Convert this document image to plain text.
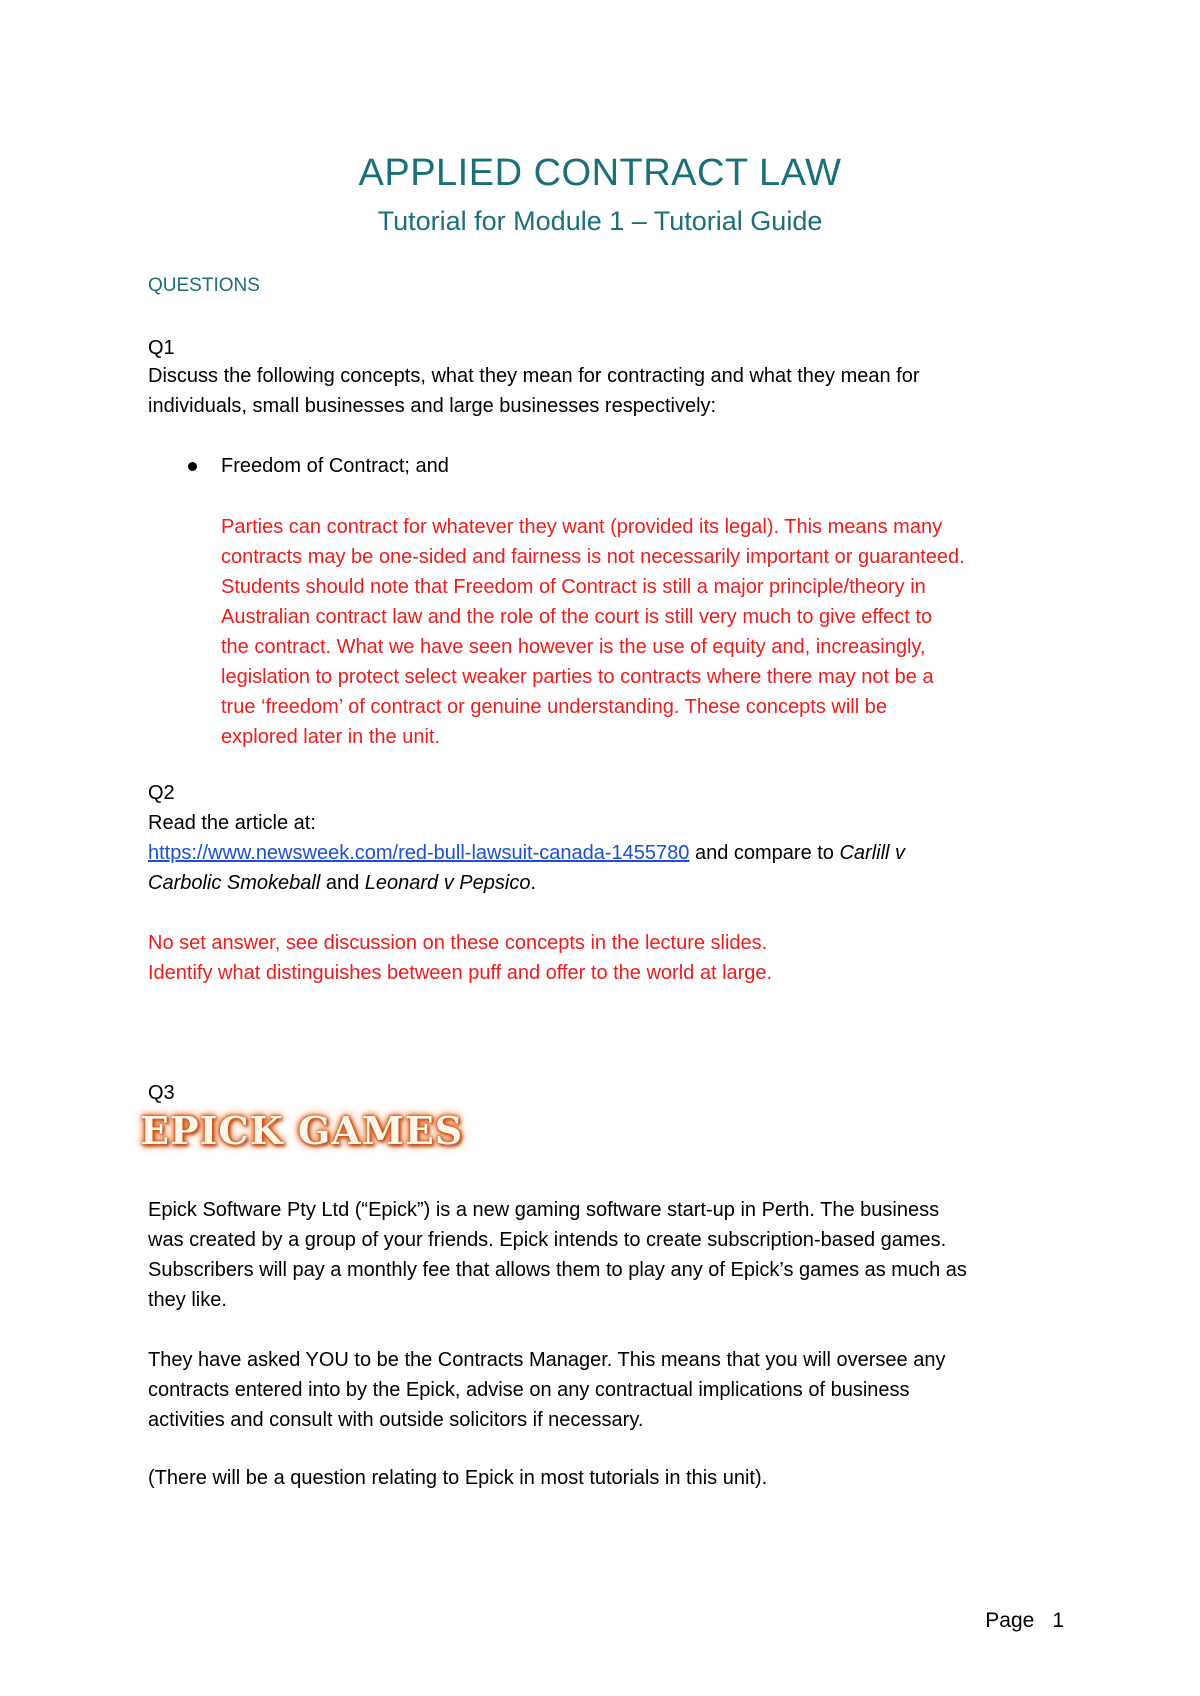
APPLIED CONTRACT LAW
Tutorial for Module 1 – Tutorial Guide
QUESTIONS
Q1
Discuss the following concepts, what they mean for contracting and what they mean for
individuals, small businesses and large businesses respectively:
Freedom of Contract; and
Parties can contract for whatever they want (provided its legal). This means many
contracts may be one-sided and fairness is not necessarily important or guaranteed.
Students should note that Freedom of Contract is still a major principle/theory in
Australian contract law and the role of the court is still very much to give effect to
the contract. What we have seen however is the use of equity and, increasingly,
legislation to protect select weaker parties to contracts where there may not be a
true ‘freedom’ of contract or genuine understanding. These concepts will be
explored later in the unit.
Q2
Read the article at:
https://www.newsweek.com/red-bull-lawsuit-canada-1455780 and compare to Carlill v
Carbolic Smokeball and Leonard v Pepsico.
No set answer, see discussion on these concepts in the lecture slides.
Identify what distinguishes between puff and offer to the world at large.
Q3
EPICK GAMES
Epick Software Pty Ltd (“Epick”) is a new gaming software start-up in Perth. The business
was created by a group of your friends. Epick intends to create subscription-based games.
Subscribers will pay a monthly fee that allows them to play any of Epick’s games as much as
they like.
They have asked YOU to be the Contracts Manager. This means that you will oversee any
contracts entered into by the Epick, advise on any contractual implications of business
activities and consult with outside solicitors if necessary.
(There will be a question relating to Epick in most tutorials in this unit).
Page 1
